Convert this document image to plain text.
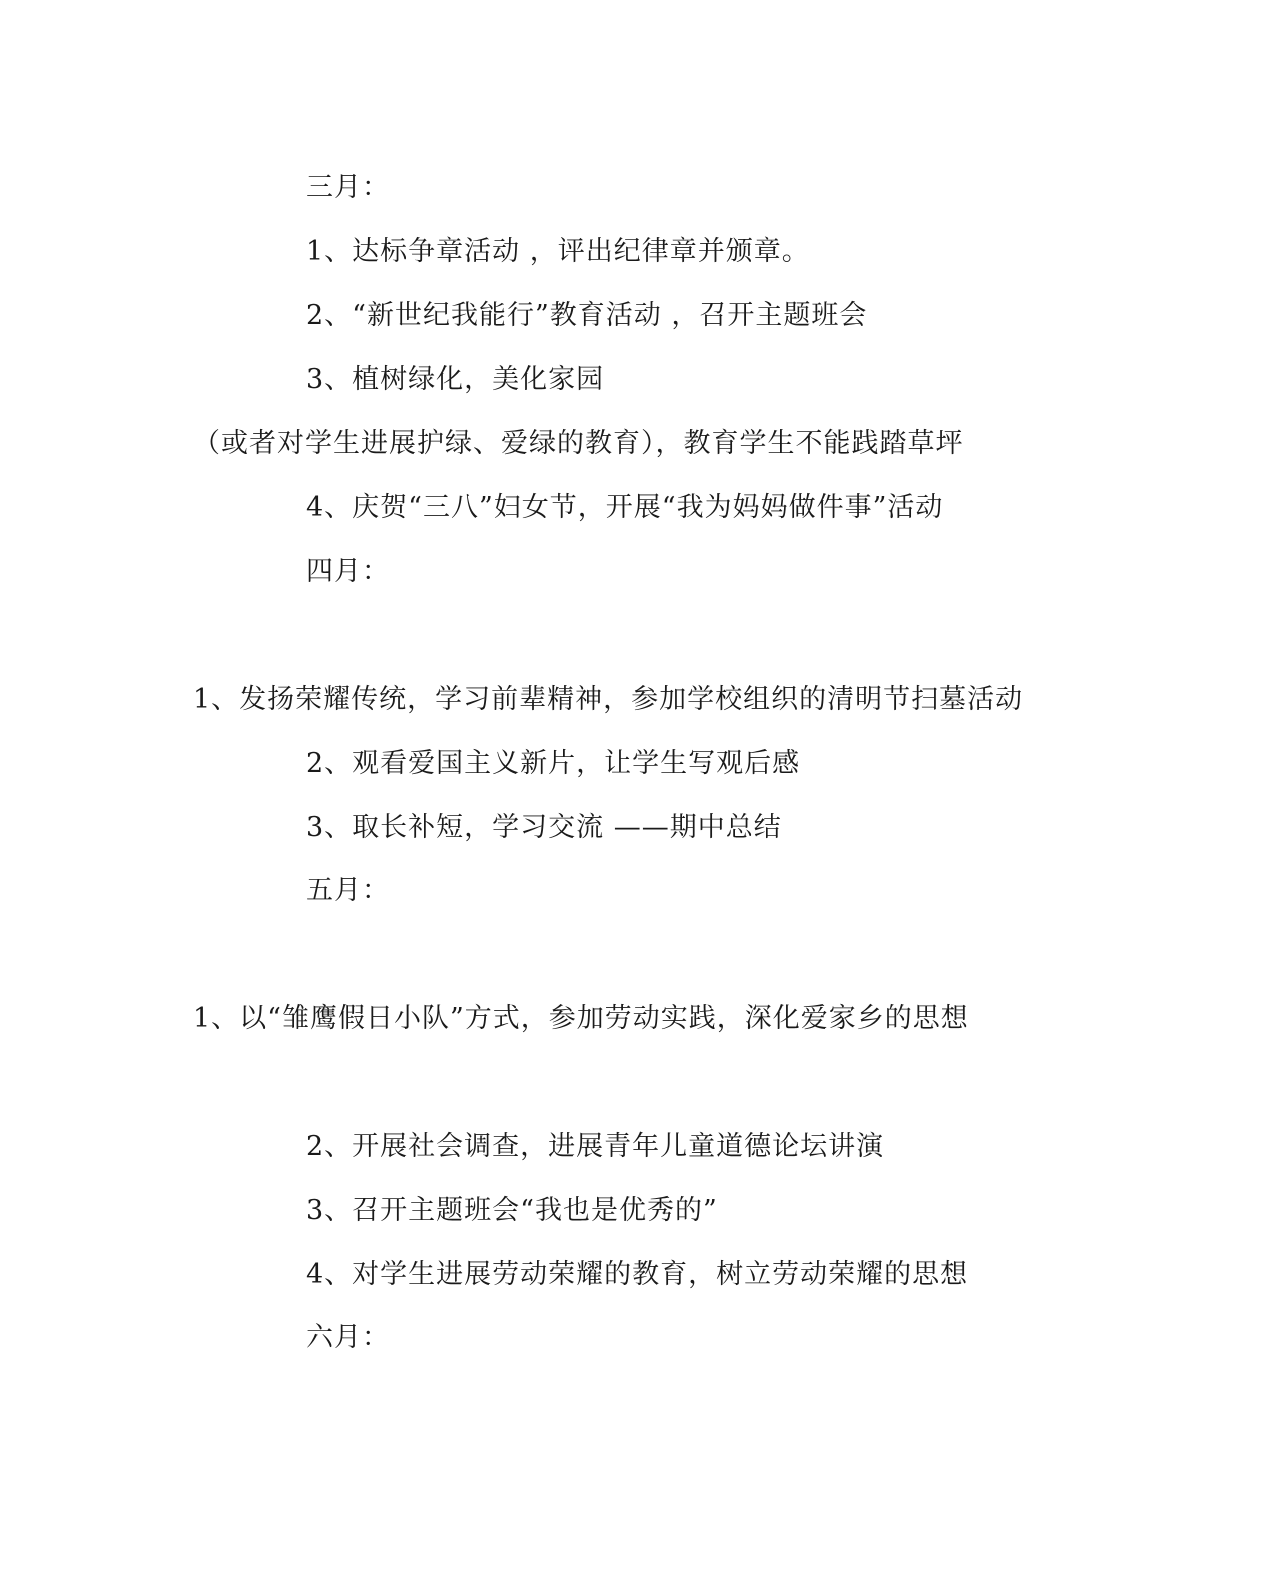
三月：
1、达标争章活动 ，评出纪律章并颁章。
2、“新世纪我能行”教育活动 ，召开主题班会
3、植树绿化，美化家园
（或者对学生进展护绿、爱绿的教育），教育学生不能践踏草坪
4、庆贺“三八”妇女节，开展“我为妈妈做件事”活动
四月：
1、发扬荣耀传统，学习前辈精神，参加学校组织的清明节扫墓活动
2、观看爱国主义新片，让学生写观后感
3、取长补短，学习交流 ——期中总结
五月：
1、以“雏鹰假日小队”方式，参加劳动实践，深化爱家乡的思想
2、开展社会调查，进展青年儿童道德论坛讲演
3、召开主题班会“我也是优秀的”
4、对学生进展劳动荣耀的教育，树立劳动荣耀的思想
六月：
